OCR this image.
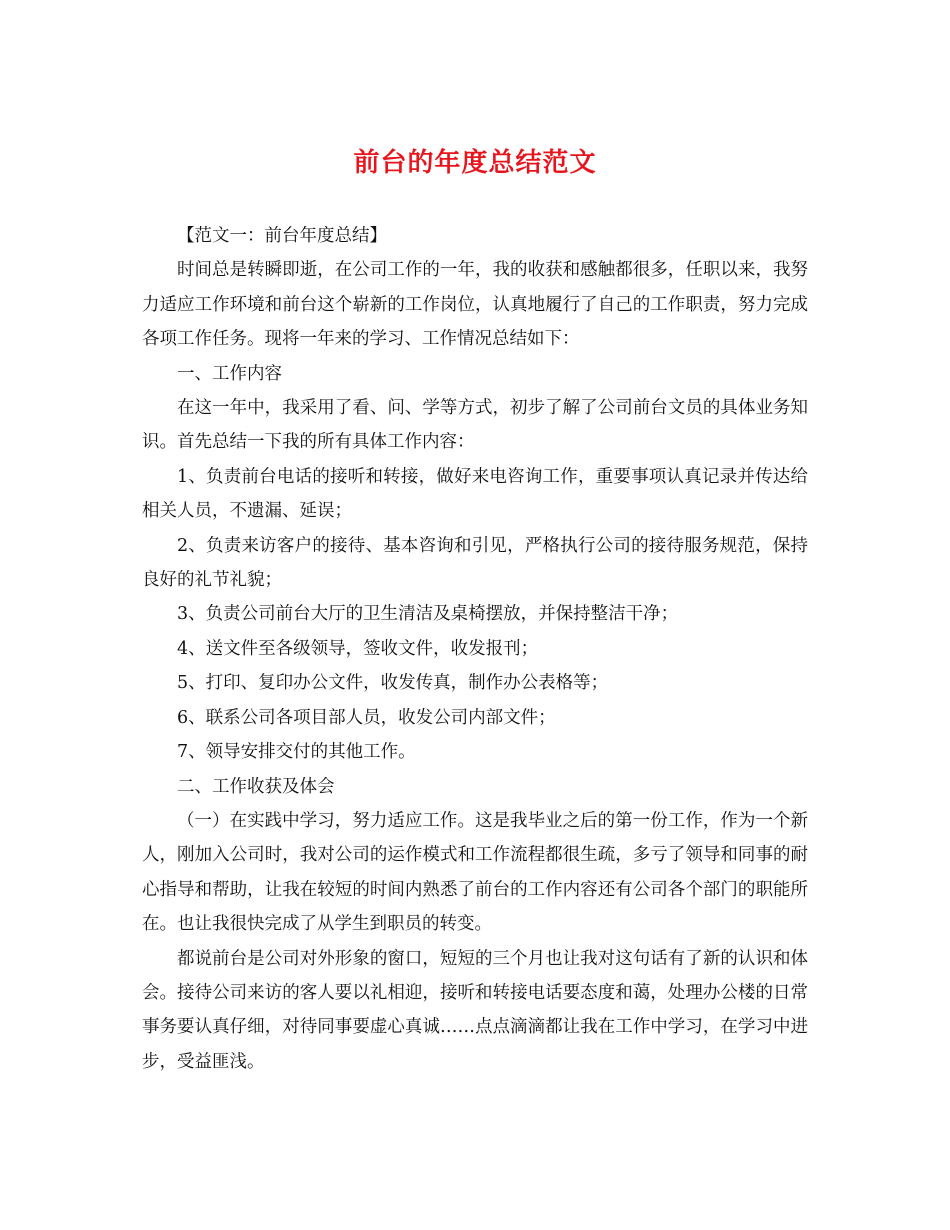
前台的年度总结范文

【范文一：前台年度总结】

时间总是转瞬即逝，在公司工作的一年，我的收获和感触都很多，任职以来，我努力适应工作环境和前台这个崭新的工作岗位，认真地履行了自己的工作职责，努力完成各项工作任务。现将一年来的学习、工作情况总结如下：

一、工作内容

在这一年中，我采用了看、问、学等方式，初步了解了公司前台文员的具体业务知识。首先总结一下我的所有具体工作内容：

1、负责前台电话的接听和转接，做好来电咨询工作，重要事项认真记录并传达给相关人员，不遗漏、延误；

2、负责来访客户的接待、基本咨询和引见，严格执行公司的接待服务规范，保持良好的礼节礼貌；

3、负责公司前台大厅的卫生清洁及桌椅摆放，并保持整洁干净；

4、送文件至各级领导，签收文件，收发报刊；

5、打印、复印办公文件，收发传真，制作办公表格等；

6、联系公司各项目部人员，收发公司内部文件；

7、领导安排交付的其他工作。

二、工作收获及体会

（一）在实践中学习，努力适应工作。这是我毕业之后的第一份工作，作为一个新人，刚加入公司时，我对公司的运作模式和工作流程都很生疏，多亏了领导和同事的耐心指导和帮助，让我在较短的时间内熟悉了前台的工作内容还有公司各个部门的职能所在。也让我很快完成了从学生到职员的转变。

都说前台是公司对外形象的窗口，短短的三个月也让我对这句话有了新的认识和体会。接待公司来访的客人要以礼相迎，接听和转接电话要态度和蔼，处理办公楼的日常事务要认真仔细，对待同事要虚心真诚……点点滴滴都让我在工作中学习，在学习中进步，受益匪浅。
